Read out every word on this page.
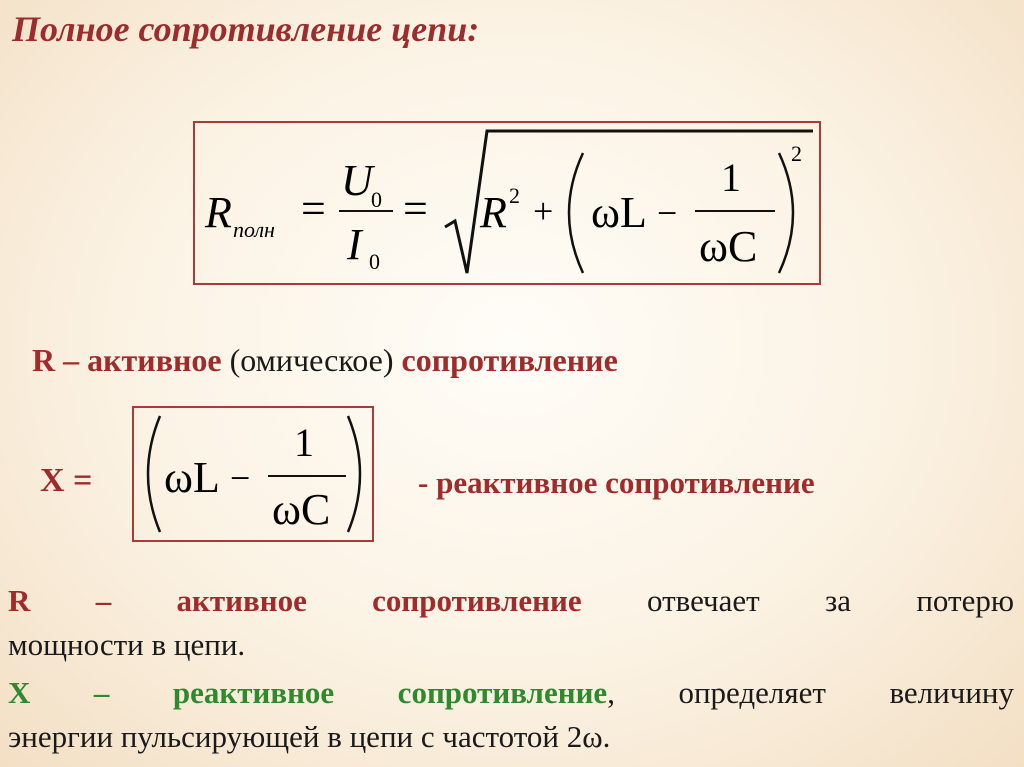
Полное сопротивление цепи:
R полн =
U
0
I 0
= R 2 + ωL −
1
ωC
2
R – активное (омическое) сопротивление
X = ωL −
1
ωC
- реактивное сопротивление
R – активное сопротивление отвечает за потерю
мощности в цепи.
X – реактивное сопротивление, определяет величину
энергии пульсирующей в цепи с частотой 2ω.
